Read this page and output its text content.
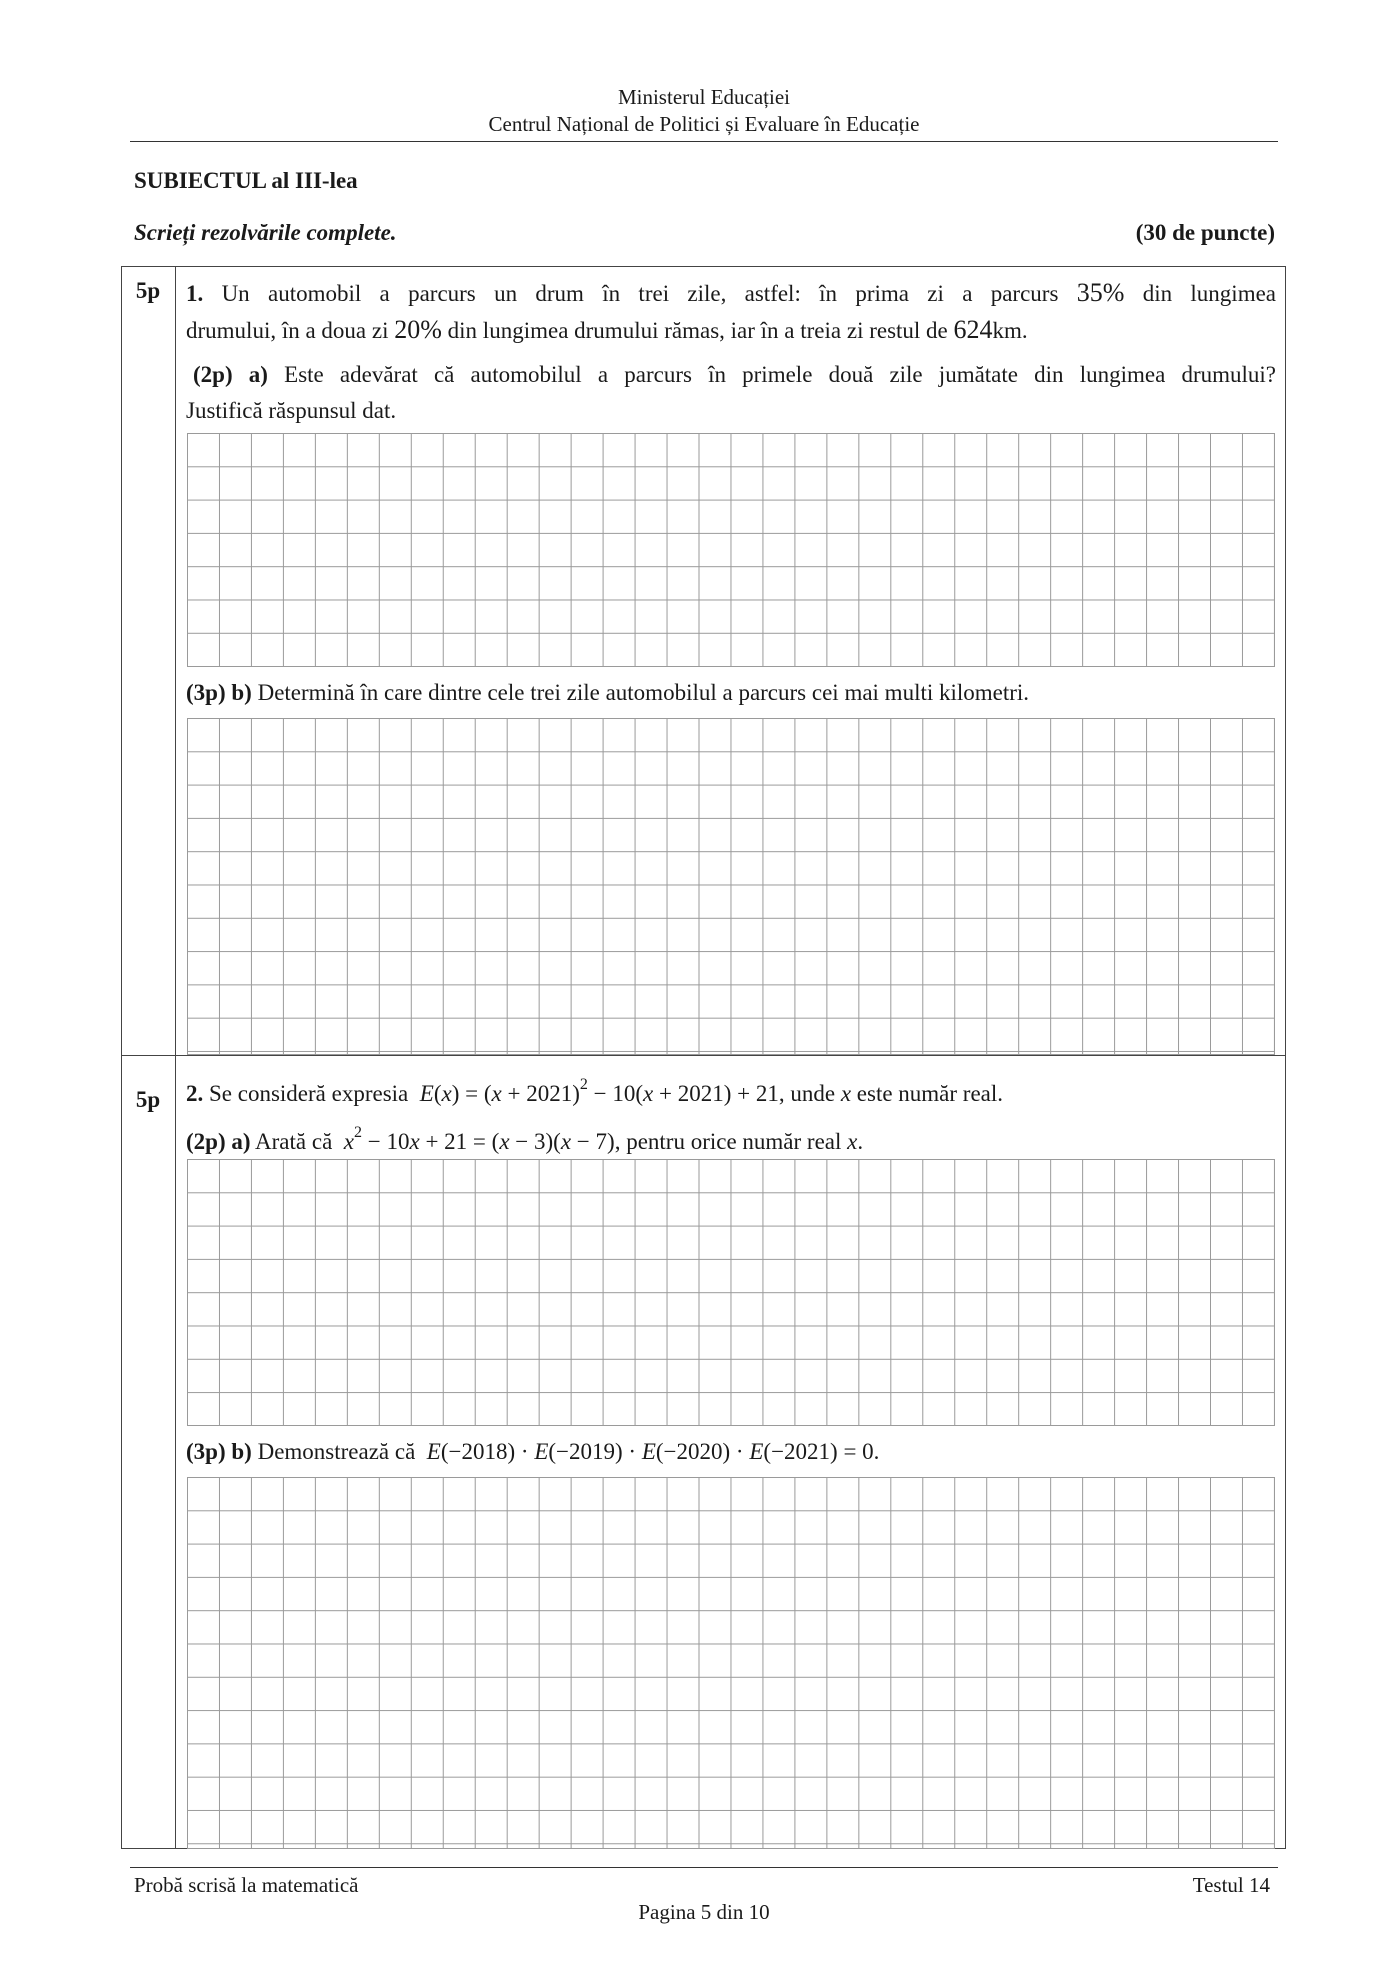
Ministerul Educației
Centrul Național de Politici și Evaluare în Educație
SUBIECTUL al III-lea
Scrieți rezolvările complete.	(30 de puncte)
5p	1. Un automobil a parcurs un drum în trei zile, astfel: în prima zi a parcurs 35% din lungimea
drumului, în a doua zi 20% din lungimea drumului rămas, iar în a treia zi restul de 624km.
(2p) a) Este adevărat că automobilul a parcurs în primele două zile jumătate din lungimea drumului?
Justifică răspunsul dat.
(3p) b) Determină în care dintre cele trei zile automobilul a parcurs cei mai multi kilometri.
5p	2. Se consideră expresia $E(x) = (x + 2021)^2 - 10(x + 2021) + 21$, unde x este număr real.
(2p) a) Arată că $x^2 - 10x + 21 = (x - 3)(x - 7)$, pentru orice număr real x.
(3p) b) Demonstrează că E(−2018) · E(−2019) · E(−2020) · E(−2021) = 0.
Probă scrisă la matematică	Testul 14
Pagina 5 din 10
